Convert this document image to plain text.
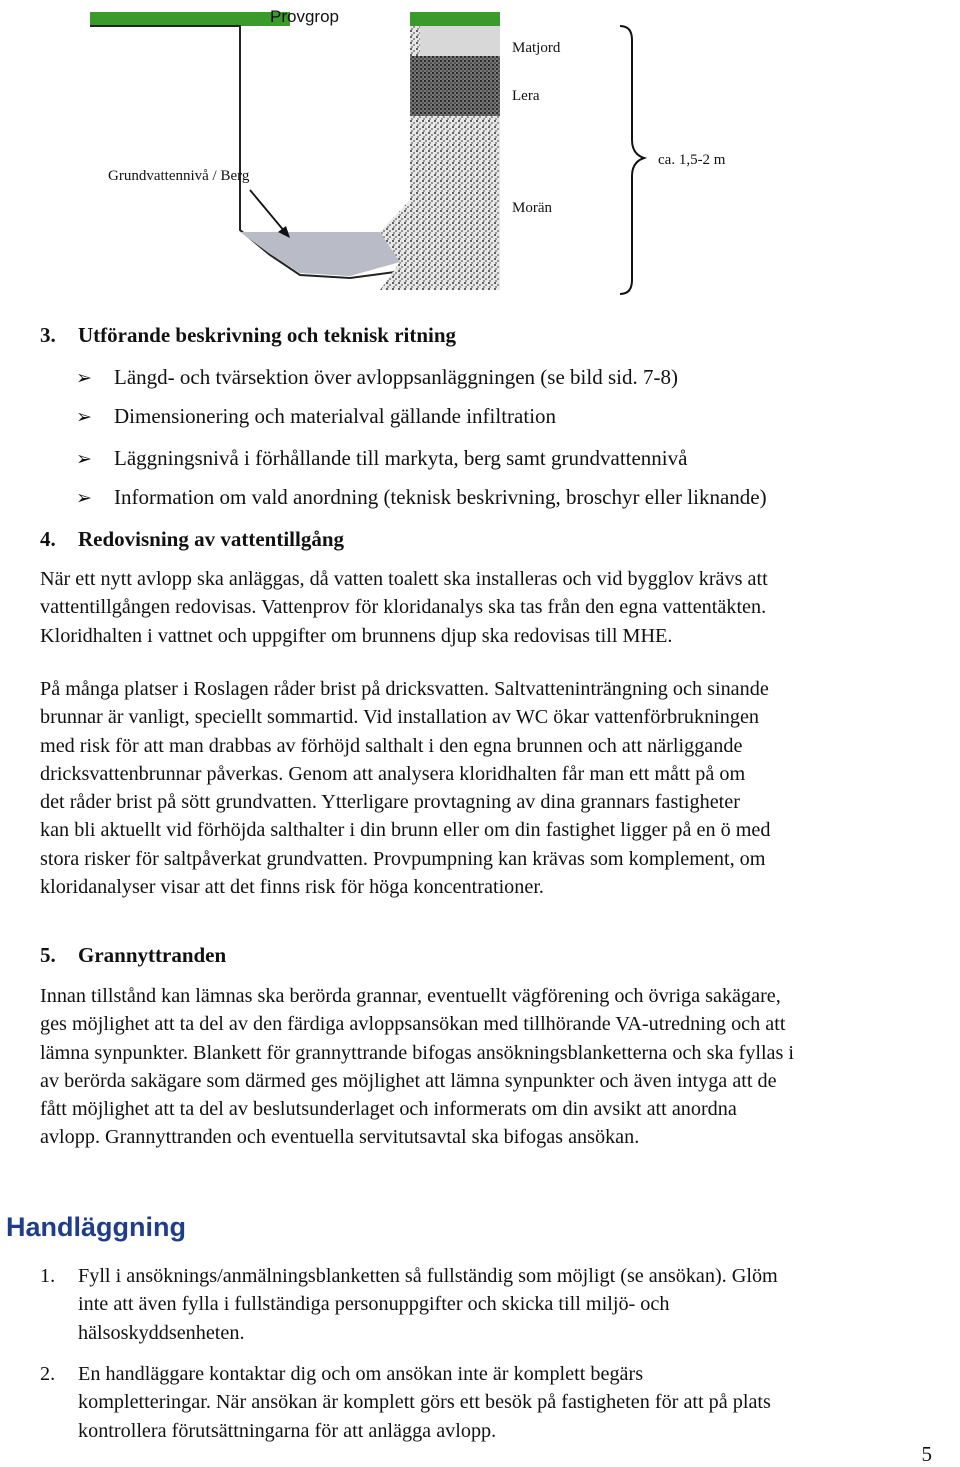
Provgrop
Matjord
Lera
Morän
Grundvattennivå / Berg
ca. 1,5-2 m
3. Utförande beskrivning och teknisk ritning
➢ Längd- och tvärsektion över avloppsanläggningen (se bild sid. 7-8)
➢ Dimensionering och materialval gällande infiltration
➢ Läggningsnivå i förhållande till markyta, berg samt grundvattennivå
➢ Information om vald anordning (teknisk beskrivning, broschyr eller liknande)
4. Redovisning av vattentillgång
När ett nytt avlopp ska anläggas, då vatten toalett ska installeras och vid bygglov krävs att
vattentillgången redovisas. Vattenprov för kloridanalys ska tas från den egna vattentäkten.
Kloridhalten i vattnet och uppgifter om brunnens djup ska redovisas till MHE.
På många platser i Roslagen råder brist på dricksvatten. Saltvatteninträngning och sinande
brunnar är vanligt, speciellt sommartid. Vid installation av WC ökar vattenförbrukningen
med risk för att man drabbas av förhöjd salthalt i den egna brunnen och att närliggande
dricksvattenbrunnar påverkas. Genom att analysera kloridhalten får man ett mått på om
det råder brist på sött grundvatten. Ytterligare provtagning av dina grannars fastigheter
kan bli aktuellt vid förhöjda salthalter i din brunn eller om din fastighet ligger på en ö med
stora risker för saltpåverkat grundvatten. Provpumpning kan krävas som komplement, om
kloridanalyser visar att det finns risk för höga koncentrationer.
5. Grannyttranden
Innan tillstånd kan lämnas ska berörda grannar, eventuellt vägförening och övriga sakägare,
ges möjlighet att ta del av den färdiga avloppsansökan med tillhörande VA-utredning och att
lämna synpunkter. Blankett för grannyttrande bifogas ansökningsblanketterna och ska fyllas i
av berörda sakägare som därmed ges möjlighet att lämna synpunkter och även intyga att de
fått möjlighet att ta del av beslutsunderlaget och informerats om din avsikt att anordna
avlopp. Grannyttranden och eventuella servitutsavtal ska bifogas ansökan.
Handläggning
1. Fyll i ansöknings/anmälningsblanketten så fullständig som möjligt (se ansökan). Glöm
inte att även fylla i fullständiga personuppgifter och skicka till miljö- och
hälsoskyddsenheten.
2. En handläggare kontaktar dig och om ansökan inte är komplett begärs
kompletteringar. När ansökan är komplett görs ett besök på fastigheten för att på plats
kontrollera förutsättningarna för att anlägga avlopp.
5
